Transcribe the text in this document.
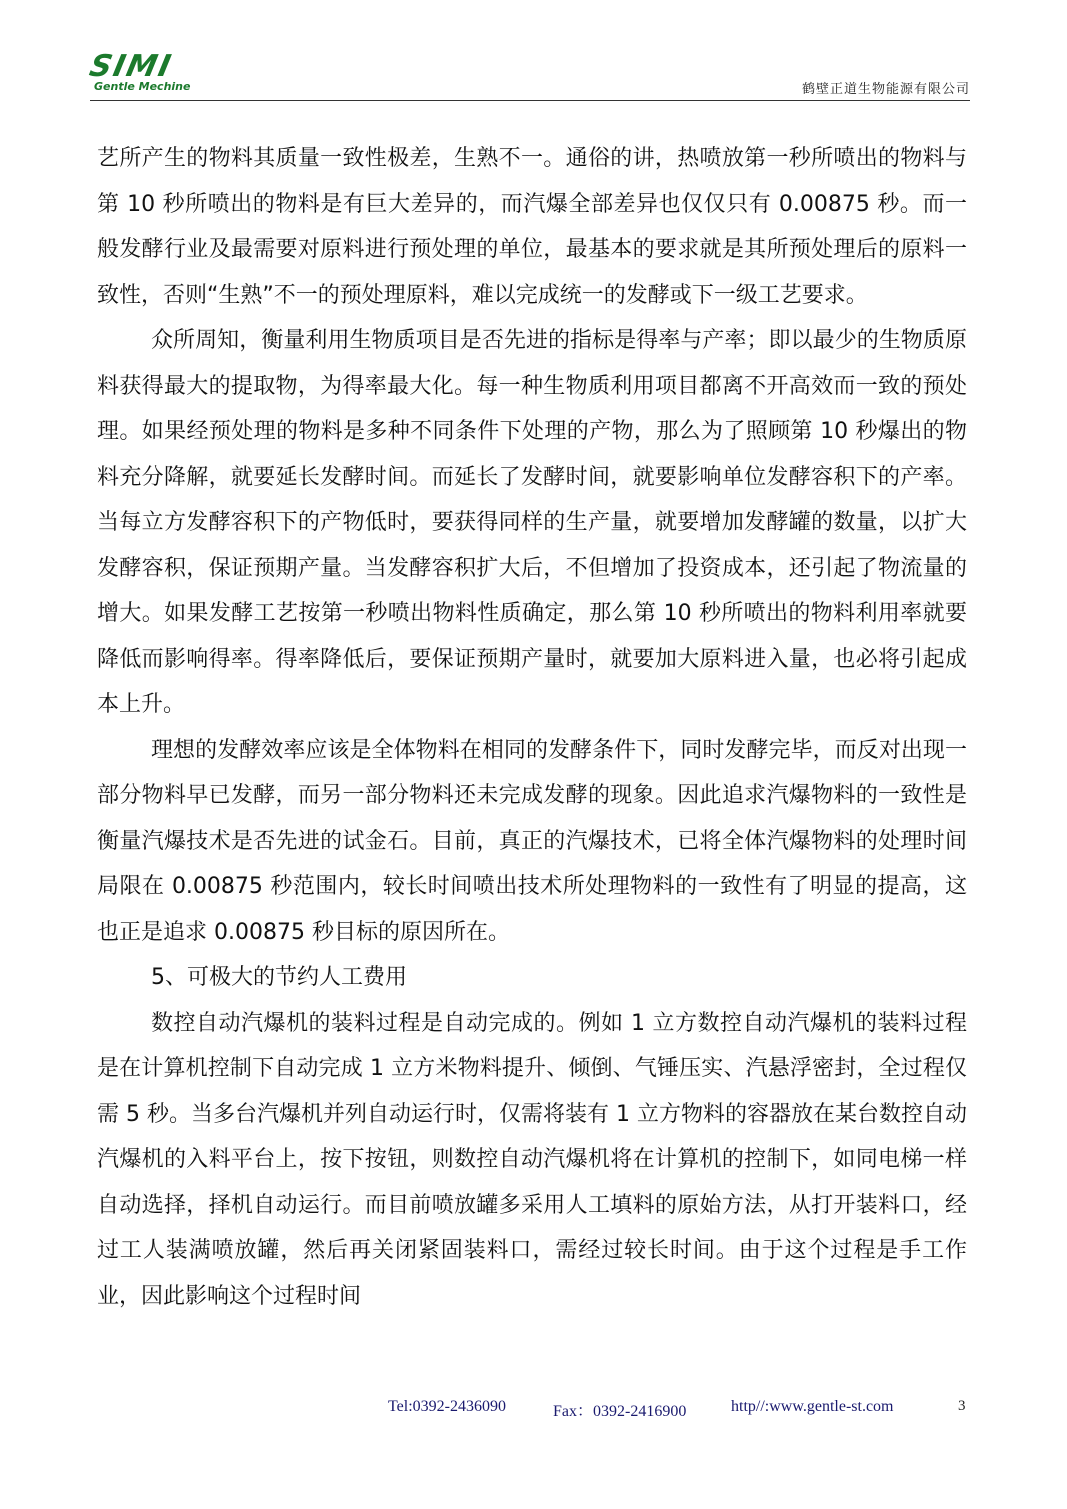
SIMI
Gentle Mechine	鹤壁正道生物能源有限公司

艺所产生的物料其质量一致性极差，生熟不一。通俗的讲，热喷放第一秒所喷出的物料与第 10 秒所喷出的物料是有巨大差异的，而汽爆全部差异也仅仅只有 0.00875 秒。而一般发酵行业及最需要对原料进行预处理的单位，最基本的要求就是其所预处理后的原料一致性，否则“生熟”不一的预处理原料，难以完成统一的发酵或下一级工艺要求。

众所周知，衡量利用生物质项目是否先进的指标是得率与产率；即以最少的生物质原料获得最大的提取物，为得率最大化。每一种生物质利用项目都离不开高效而一致的预处理。如果经预处理的物料是多种不同条件下处理的产物，那么为了照顾第 10 秒爆出的物料充分降解，就要延长发酵时间。而延长了发酵时间，就要影响单位发酵容积下的产率。当每立方发酵容积下的产物低时，要获得同样的生产量，就要增加发酵罐的数量，以扩大发酵容积，保证预期产量。当发酵容积扩大后，不但增加了投资成本，还引起了物流量的增大。如果发酵工艺按第一秒喷出物料性质确定，那么第 10 秒所喷出的物料利用率就要降低而影响得率。得率降低后，要保证预期产量时，就要加大原料进入量，也必将引起成本上升。

理想的发酵效率应该是全体物料在相同的发酵条件下，同时发酵完毕，而反对出现一部分物料早已发酵，而另一部分物料还未完成发酵的现象。因此追求汽爆物料的一致性是衡量汽爆技术是否先进的试金石。目前，真正的汽爆技术，已将全体汽爆物料的处理时间局限在 0.00875 秒范围内，较长时间喷出技术所处理物料的一致性有了明显的提高，这也正是追求 0.00875 秒目标的原因所在。

5、可极大的节约人工费用

数控自动汽爆机的装料过程是自动完成的。例如 1 立方数控自动汽爆机的装料过程是在计算机控制下自动完成 1 立方米物料提升、倾倒、气锤压实、汽悬浮密封，全过程仅需 5 秒。当多台汽爆机并列自动运行时，仅需将装有 1 立方物料的容器放在某台数控自动汽爆机的入料平台上，按下按钮，则数控自动汽爆机将在计算机的控制下，如同电梯一样自动选择，择机自动运行。而目前喷放罐多采用人工填料的原始方法，从打开装料口，经过工人装满喷放罐，然后再关闭紧固装料口，需经过较长时间。由于这个过程是手工作业，因此影响这个过程时间

Tel:0392-2436090	Fax：0392-2416900	http//:www.gentle-st.com	3
